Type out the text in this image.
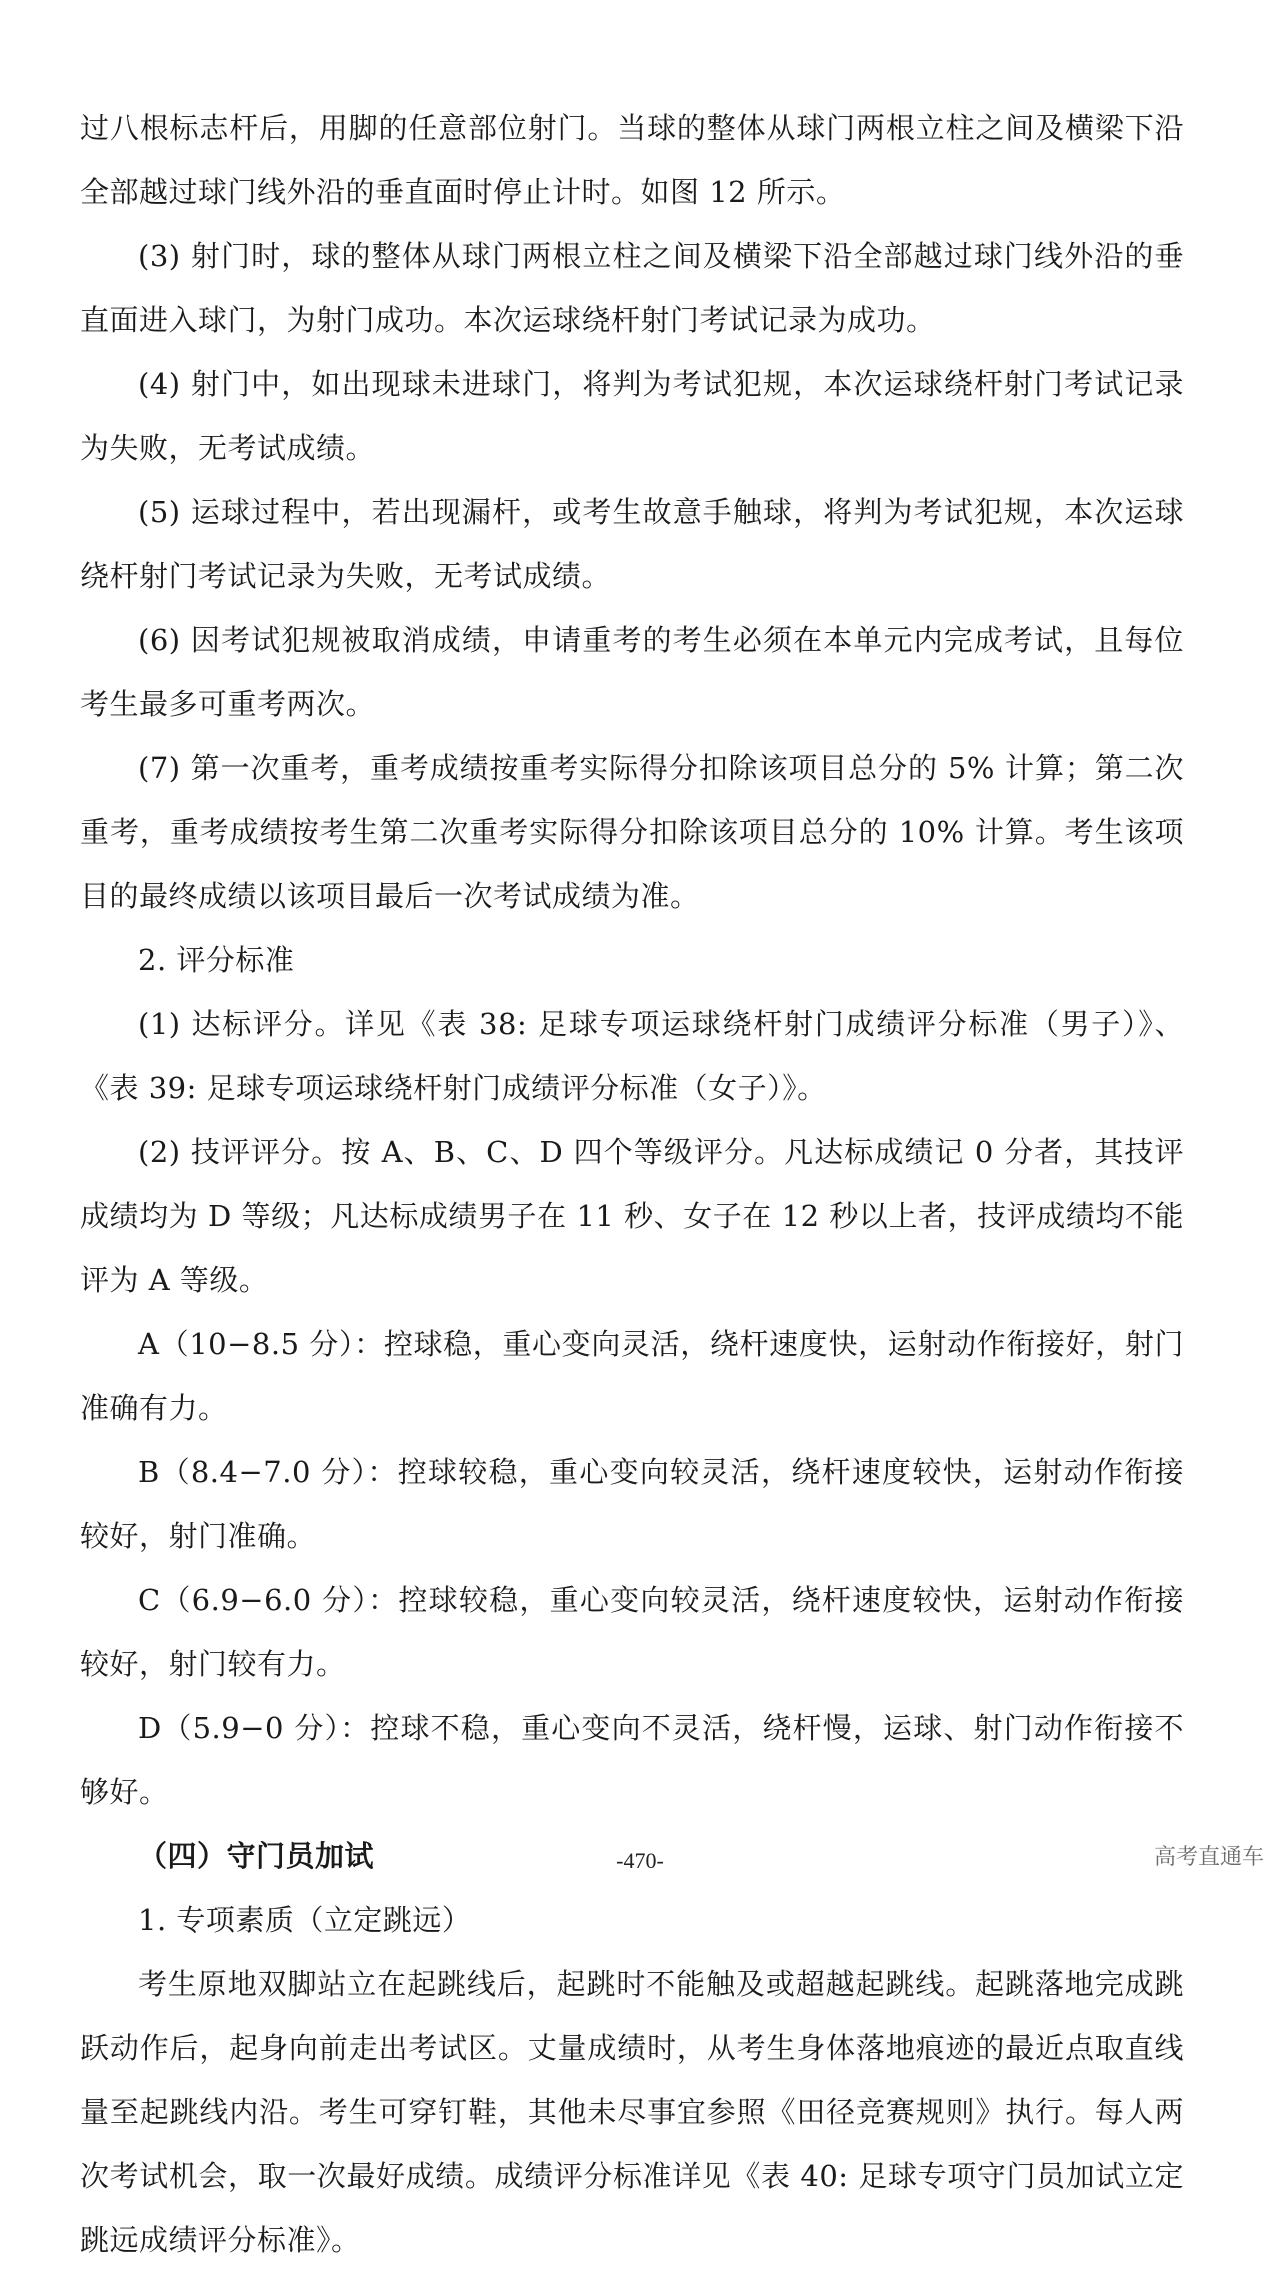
过八根标志杆后，用脚的任意部位射门。当球的整体从球门两根立柱之间及横梁下沿全部越过球门线外沿的垂直面时停止计时。如图 12 所示。

(3) 射门时，球的整体从球门两根立柱之间及横梁下沿全部越过球门线外沿的垂直面进入球门，为射门成功。本次运球绕杆射门考试记录为成功。

(4) 射门中，如出现球未进球门，将判为考试犯规，本次运球绕杆射门考试记录为失败，无考试成绩。

(5) 运球过程中，若出现漏杆，或考生故意手触球，将判为考试犯规，本次运球绕杆射门考试记录为失败，无考试成绩。

(6) 因考试犯规被取消成绩，申请重考的考生必须在本单元内完成考试，且每位考生最多可重考两次。

(7) 第一次重考，重考成绩按重考实际得分扣除该项目总分的 5% 计算；第二次重考，重考成绩按考生第二次重考实际得分扣除该项目总分的 10% 计算。考生该项目的最终成绩以该项目最后一次考试成绩为准。

2. 评分标准

(1) 达标评分。详见《表 38: 足球专项运球绕杆射门成绩评分标准（男子）》、《表 39: 足球专项运球绕杆射门成绩评分标准（女子）》。

(2) 技评评分。按 A、B、C、D 四个等级评分。凡达标成绩记 0 分者，其技评成绩均为 D 等级；凡达标成绩男子在 11 秒、女子在 12 秒以上者，技评成绩均不能评为 A 等级。

A（10−8.5 分）：控球稳，重心变向灵活，绕杆速度快，运射动作衔接好，射门准确有力。

B（8.4−7.0 分）：控球较稳，重心变向较灵活，绕杆速度较快，运射动作衔接较好，射门准确。

C（6.9−6.0 分）：控球较稳，重心变向较灵活，绕杆速度较快，运射动作衔接较好，射门较有力。

D（5.9−0 分）：控球不稳，重心变向不灵活，绕杆慢，运球、射门动作衔接不够好。

（四）守门员加试

1. 专项素质（立定跳远）

考生原地双脚站立在起跳线后，起跳时不能触及或超越起跳线。起跳落地完成跳跃动作后，起身向前走出考试区。丈量成绩时，从考生身体落地痕迹的最近点取直线量至起跳线内沿。考生可穿钉鞋，其他未尽事宜参照《田径竞赛规则》执行。每人两次考试机会，取一次最好成绩。成绩评分标准详见《表 40: 足球专项守门员加试立定跳远成绩评分标准》。

-470-	高考直通车
